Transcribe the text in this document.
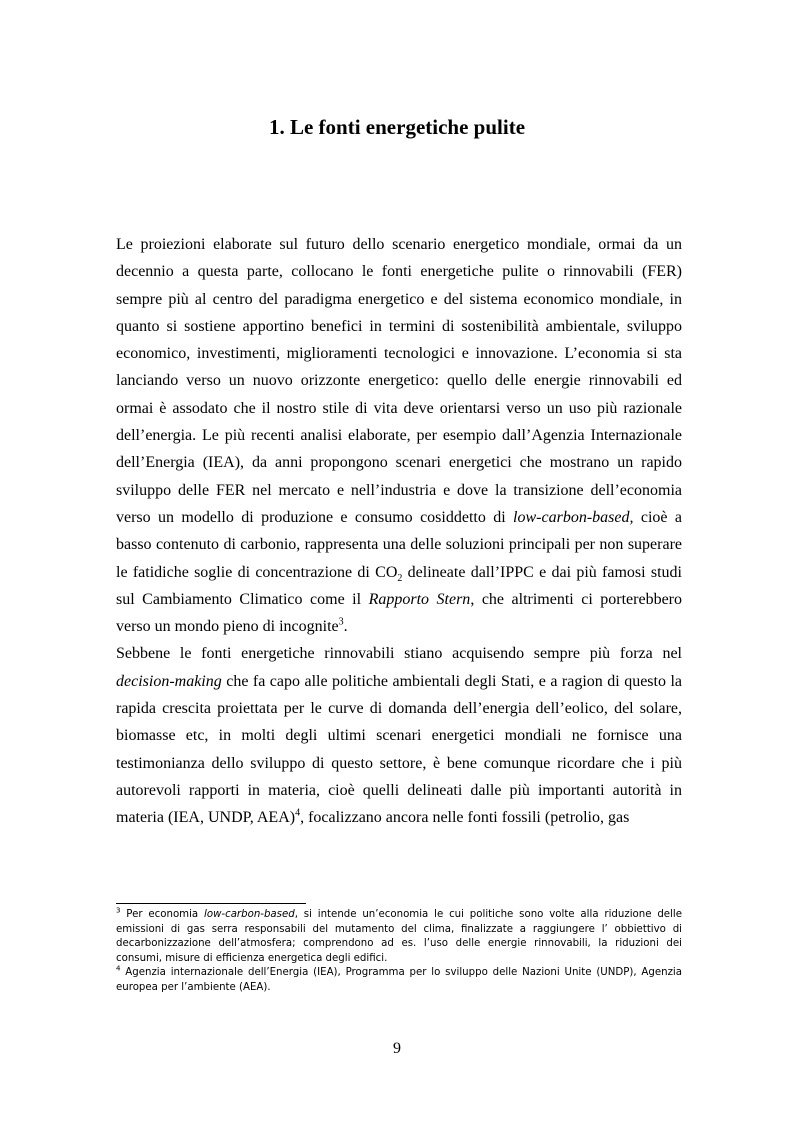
1. Le fonti energetiche pulite

Le proiezioni elaborate sul futuro dello scenario energetico mondiale, ormai da un decennio a questa parte, collocano le fonti energetiche pulite o rinnovabili (FER) sempre più al centro del paradigma energetico e del sistema economico mondiale, in quanto si sostiene apportino benefici in termini di sostenibilità ambientale, sviluppo economico, investimenti, miglioramenti tecnologici e innovazione. L’economia si sta lanciando verso un nuovo orizzonte energetico: quello delle energie rinnovabili ed ormai è assodato che il nostro stile di vita deve orientarsi verso un uso più razionale dell’energia. Le più recenti analisi elaborate, per esempio dall’Agenzia Internazionale dell’Energia (IEA), da anni propongono scenari energetici che mostrano un rapido sviluppo delle FER nel mercato e nell’industria e dove la transizione dell’economia verso un modello di produzione e consumo cosiddetto di low-carbon-based, cioè a basso contenuto di carbonio, rappresenta una delle soluzioni principali per non superare le fatidiche soglie di concentrazione di $CO_2$ delineate dall’IPPC e dai più famosi studi sul Cambiamento Climatico come il Rapporto Stern, che altrimenti ci porterebbero verso un mondo pieno di incognite$^3$.

Sebbene le fonti energetiche rinnovabili stiano acquisendo sempre più forza nel decision-making che fa capo alle politiche ambientali degli Stati, e a ragion di questo la rapida crescita proiettata per le curve di domanda dell’energia dell’eolico, del solare, biomasse etc, in molti degli ultimi scenari energetici mondiali ne fornisce una testimonianza dello sviluppo di questo settore, è bene comunque ricordare che i più autorevoli rapporti in materia, cioè quelli delineati dalle più importanti autorità in materia (IEA, UNDP, AEA)$^4$, focalizzano ancora nelle fonti fossili (petrolio, gas

$^3$ Per economia low-carbon-based, si intende un’economia le cui politiche sono volte alla riduzione delle emissioni di gas serra responsabili del mutamento del clima, finalizzate a raggiungere l’ obbiettivo di decarbonizzazione dell’atmosfera; comprendono ad es. l’uso delle energie rinnovabili, la riduzioni dei consumi, misure di efficienza energetica degli edifici.

$^4$ Agenzia internazionale dell’Energia (IEA), Programma per lo sviluppo delle Nazioni Unite (UNDP), Agenzia europea per l’ambiente (AEA).

9
